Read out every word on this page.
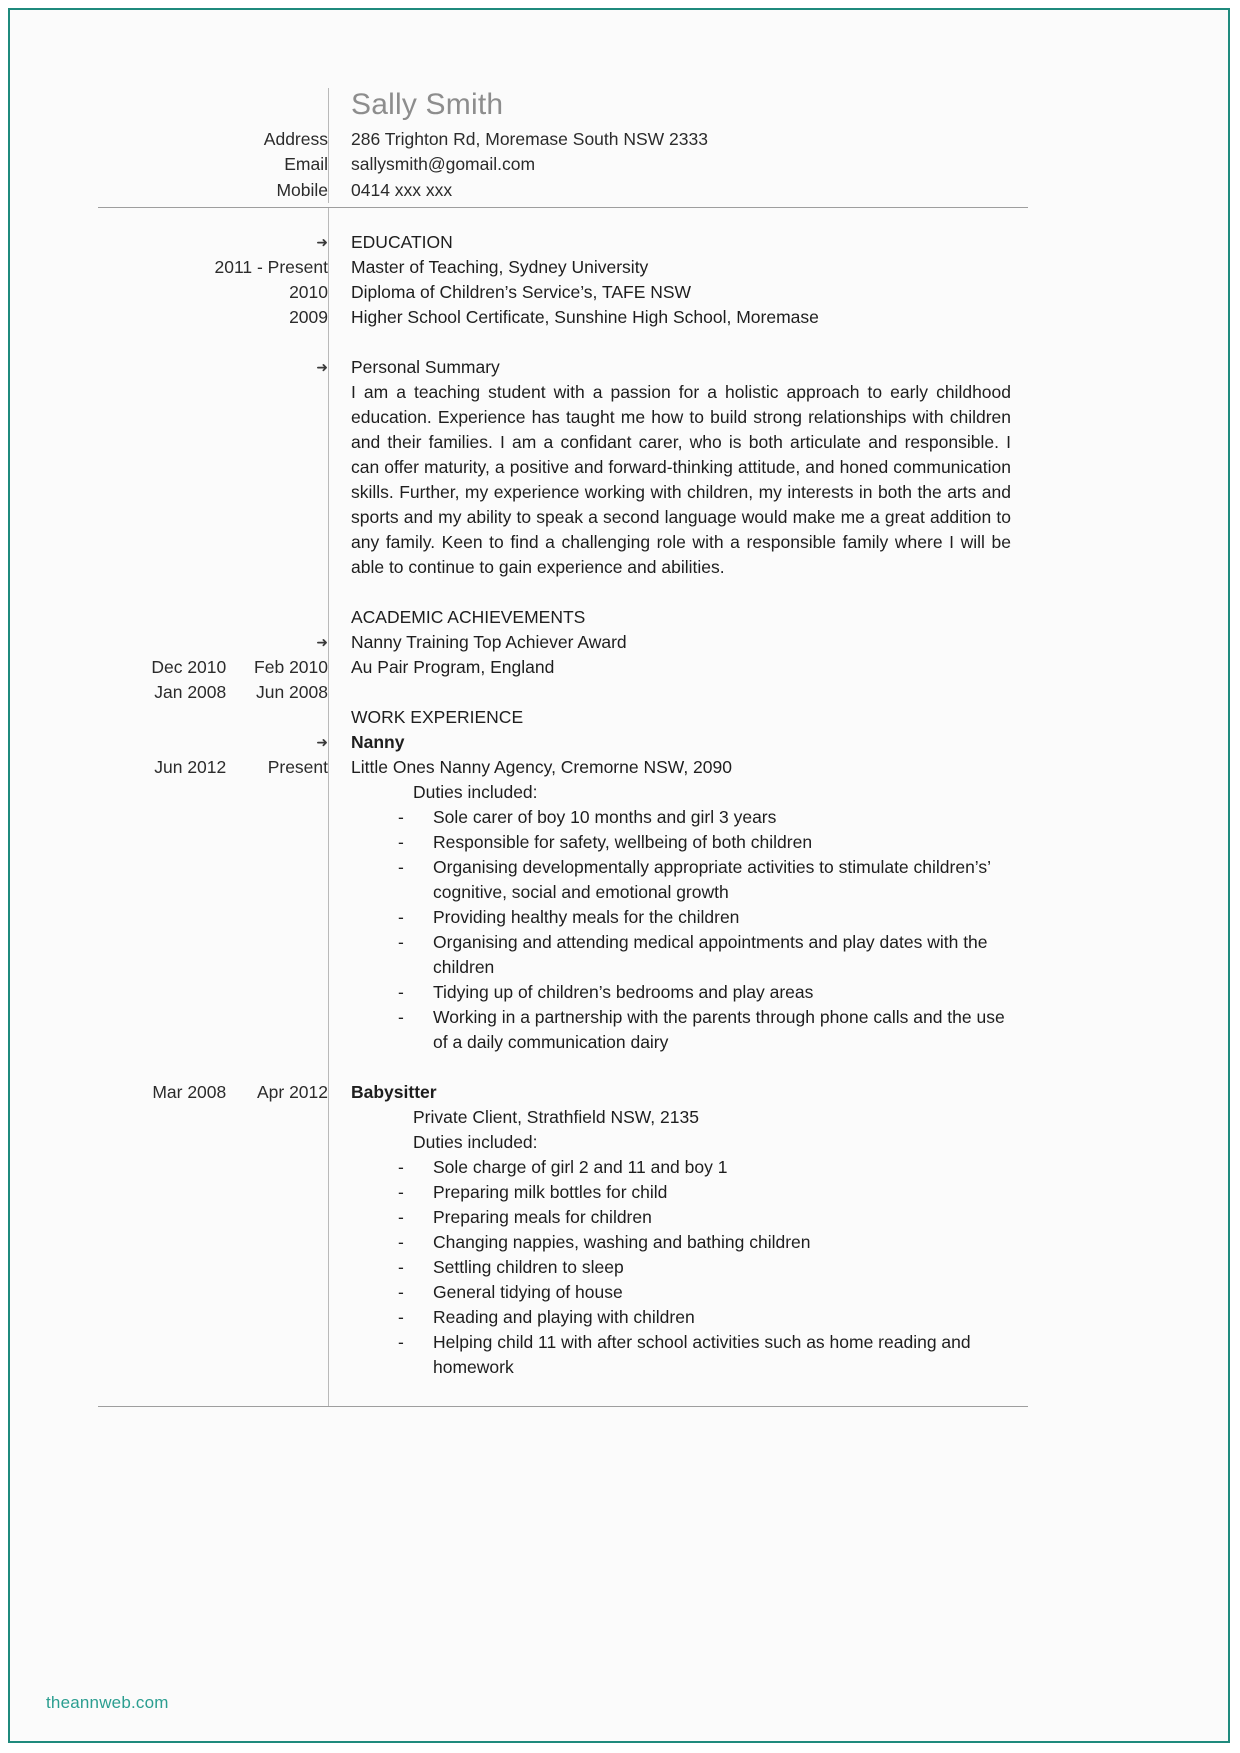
Sally Smith
Address
Email
Mobile
286 Trighton Rd, Moremase South NSW 2333
sallysmith@gomail.com
0414 xxx xxx
➜
2011 - Present
2010
2009

➜

➜
Dec 2010 Feb 2010
Jan 2008 Jun 2008

➜
Jun 2012 Present

Mar 2008 Apr 2012
EDUCATION
Master of Teaching, Sydney University
Diploma of Children’s Service’s, TAFE NSW
Higher School Certificate, Sunshine High School, Moremase
Personal Summary

I am a teaching student with a passion for a holistic approach to early childhood education. Experience has taught me how to build strong relationships with children and their families. I am a confidant carer, who is both articulate and responsible. I can offer maturity, a positive and forward-thinking attitude, and honed communication skills. Further, my experience working with children, my interests in both the arts and sports and my ability to speak a second language would make me a great addition to any family. Keen to find a challenging role with a responsible family where I will be able to continue to gain experience and abilities.

ACADEMIC ACHIEVEMENTS
Nanny Training Top Achiever Award
Au Pair Program, England
WORK EXPERIENCE
Nanny
Little Ones Nanny Agency, Cremorne NSW, 2090
Duties included:
- Sole carer of boy 10 months and girl 3 years
- Responsible for safety, wellbeing of both children
- Organising developmentally appropriate activities to stimulate children’s’ cognitive, social and emotional growth
- Providing healthy meals for the children
- Organising and attending medical appointments and play dates with the children
- Tidying up of children’s bedrooms and play areas
- Working in a partnership with the parents through phone calls and the use of a daily communication dairy
Babysitter
Private Client, Strathfield NSW, 2135
Duties included:
- Sole charge of girl 2 and 11 and boy 1
- Preparing milk bottles for child
- Preparing meals for children
- Changing nappies, washing and bathing children
- Settling children to sleep
- General tidying of house
- Reading and playing with children
- Helping child 11 with after school activities such as home reading and homework
theannweb.com
